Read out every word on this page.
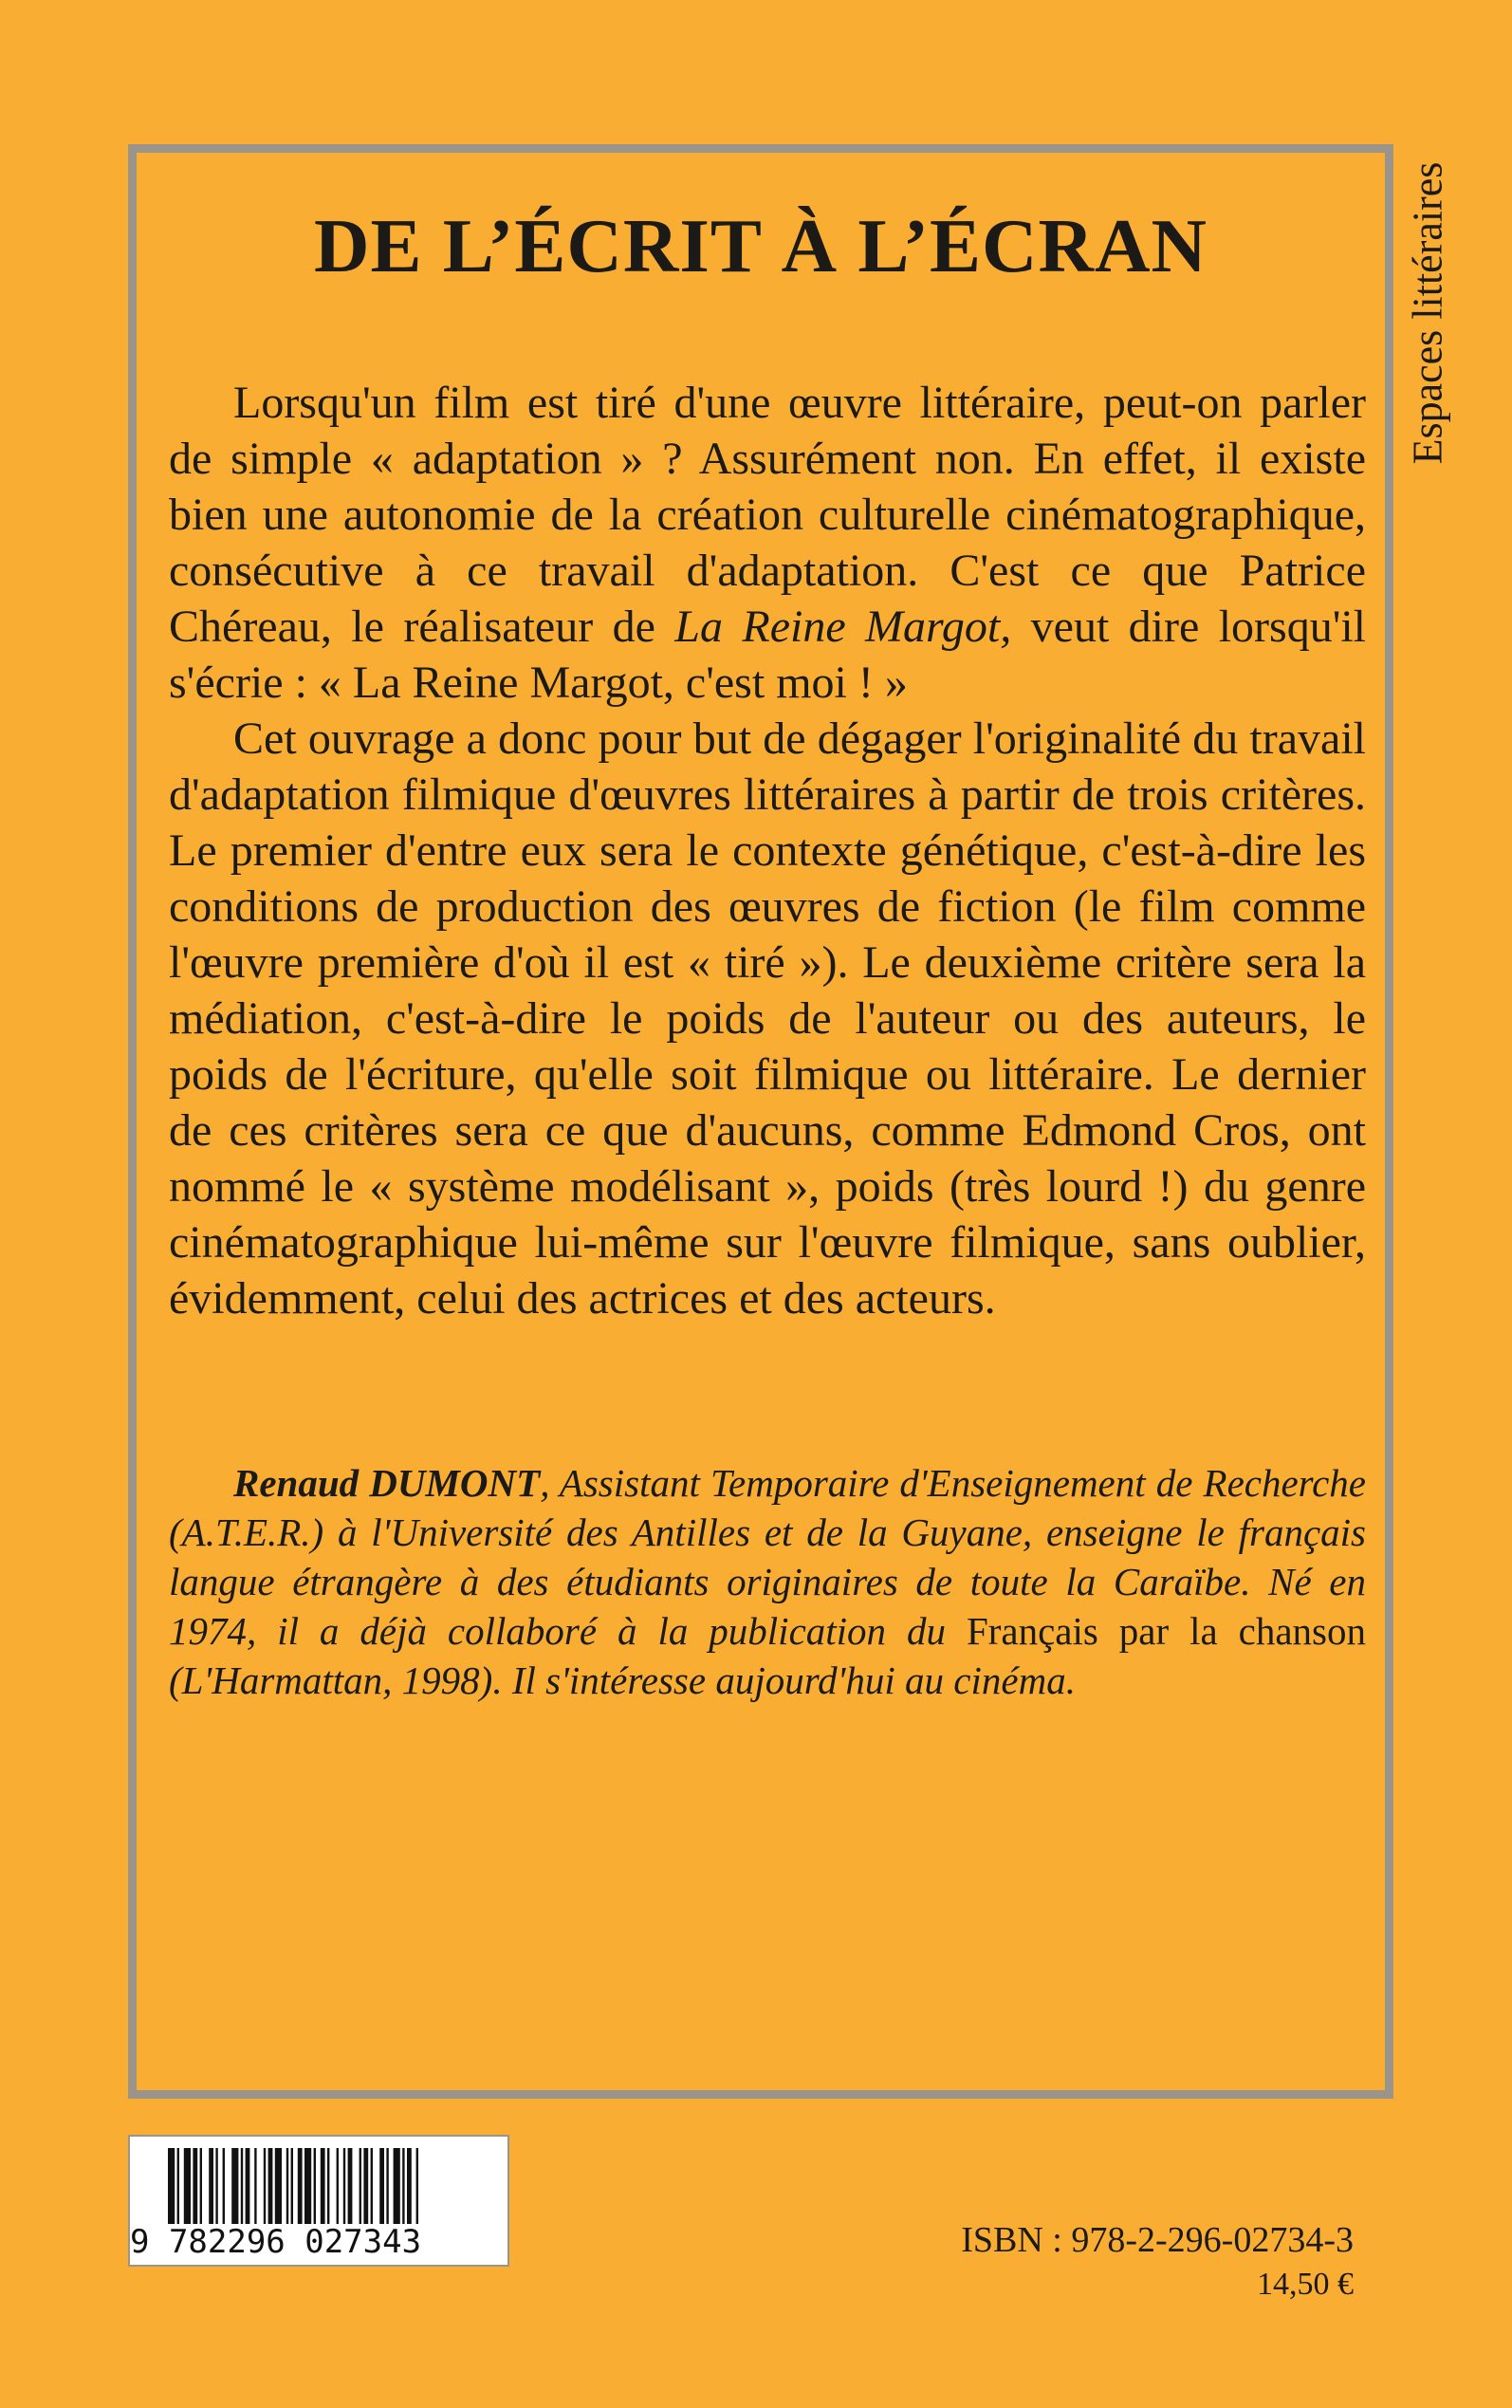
DE L’ÉCRIT À L’ÉCRAN

Lorsqu'un film est tiré d'une œuvre littéraire, peut-on parler de simple « adaptation » ? Assurément non. En effet, il existe bien une autonomie de la création culturelle cinématographique, consécutive à ce travail d'adaptation. C'est ce que Patrice Chéreau, le réalisateur de La Reine Margot, veut dire lorsqu'il s'écrie : « La Reine Margot, c'est moi ! »

Cet ouvrage a donc pour but de dégager l'originalité du travail d'adaptation filmique d'œuvres littéraires à partir de trois critères. Le premier d'entre eux sera le contexte génétique, c'est-à-dire les conditions de production des œuvres de fiction (le film comme l'œuvre première d'où il est « tiré »). Le deuxième critère sera la médiation, c'est-à-dire le poids de l'auteur ou des auteurs, le poids de l'écriture, qu'elle soit filmique ou littéraire. Le dernier de ces critères sera ce que d'aucuns, comme Edmond Cros, ont nommé le « système modélisant », poids (très lourd !) du genre cinématographique lui-même sur l'œuvre filmique, sans oublier, évidemment, celui des actrices et des acteurs.

Renaud DUMONT, Assistant Temporaire d'Enseignement de Recherche (A.T.E.R.) à l'Université des Antilles et de la Guyane, enseigne le français langue étrangère à des étudiants originaires de toute la Caraïbe. Né en 1974, il a déjà collaboré à la publication du Français par la chanson (L'Harmattan, 1998). Il s'intéresse aujourd'hui au cinéma.

Espaces littéraires
9 782296 027343	ISBN : 978-2-296-02734-3
14,50 €
